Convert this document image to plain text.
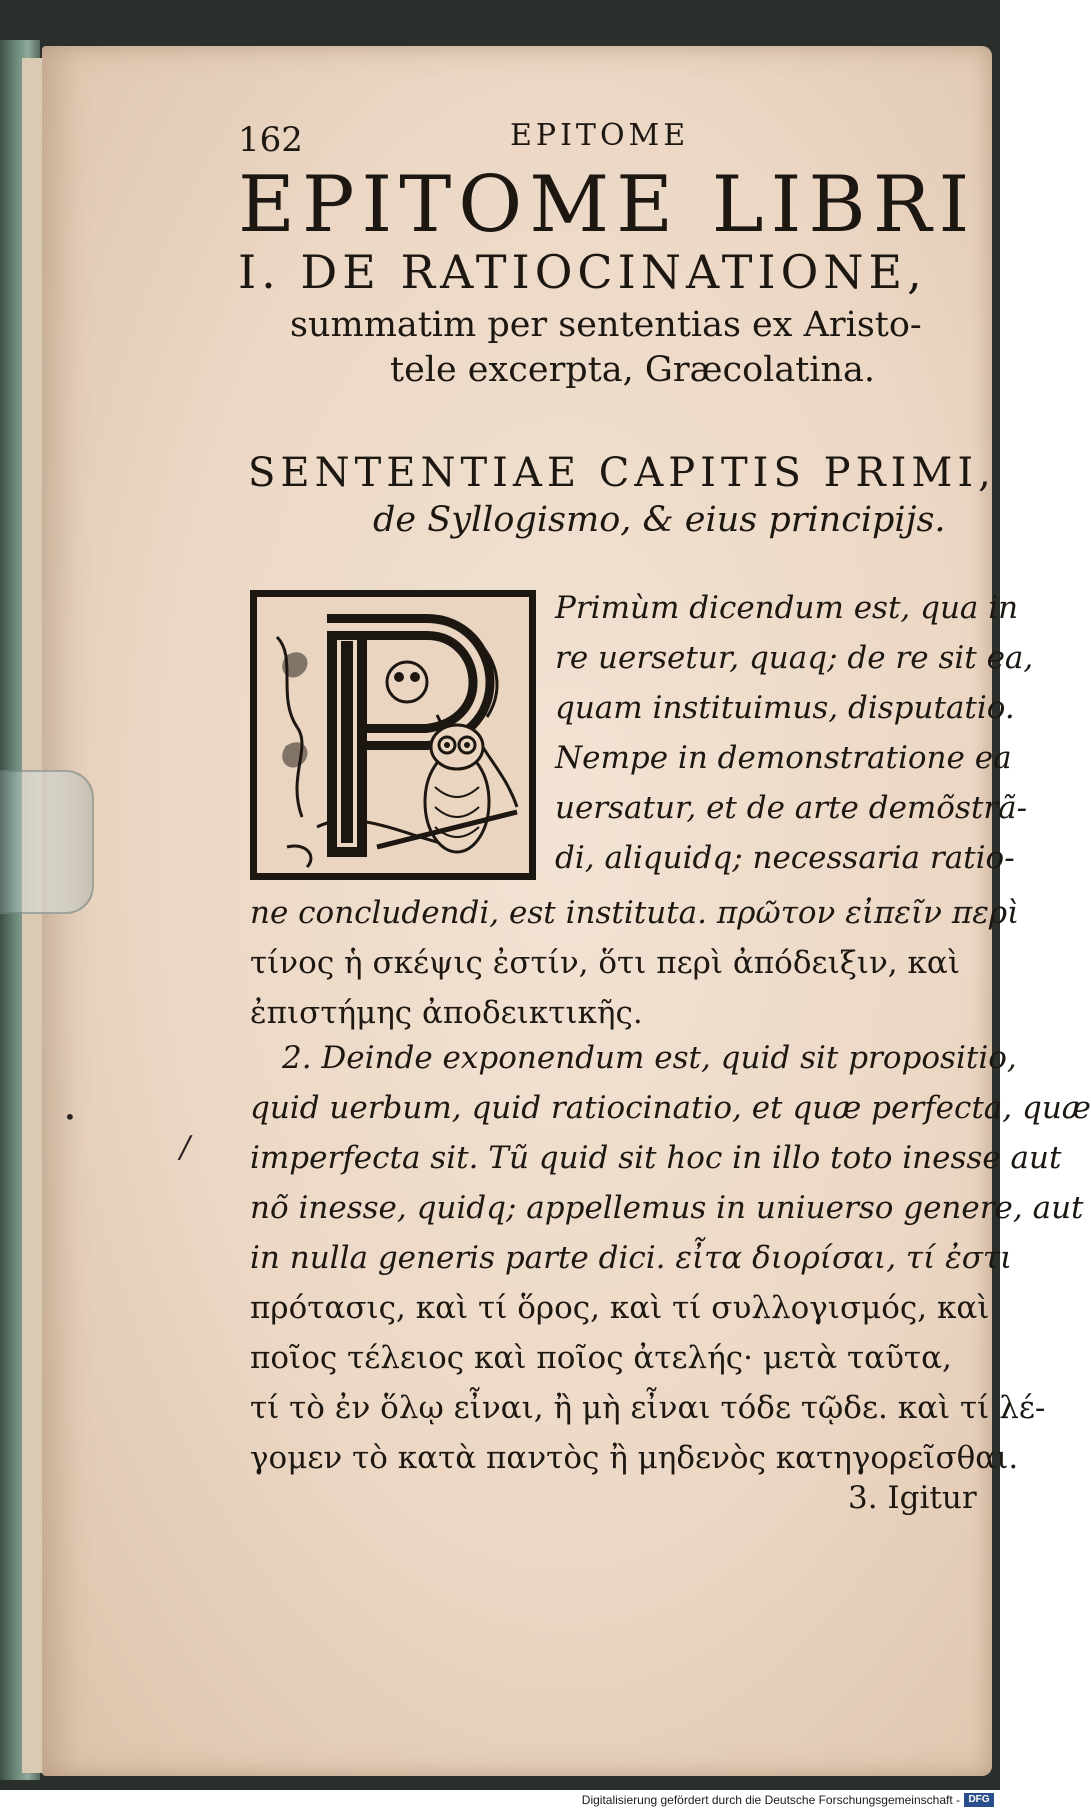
162	EPITOME
EPITOME LIBRI
I. DE RATIOCINATIONE,
summatim per sententias ex Aristo-
tele excerpta, Græcolatina.
SENTENTIAE CAPITIS PRIMI,
de Syllogismo, & eius principijs.
Primùm dicendum est, qua in
re uersetur, quaq; de re sit ea,
quam instituimus, disputatio.
Nempe in demonstratione ea
uersatur, et de arte demõstrã-
di, aliquidq; necessaria ratio-
ne concludendi, est instituta. πρῶτον εἰπεῖν περὶ
τίνος ἡ σκέψις ἐστίν, ὅτι περὶ ἀπόδειξιν, καὶ
ἐπιστήμης ἀποδεικτικῆς.
2. Deinde exponendum est, quid sit propositio,
quid uerbum, quid ratiocinatio, et quæ perfecta, quæ
imperfecta sit. Tũ quid sit hoc in illo toto inesse aut
nõ inesse, quidq; appellemus in uniuerso genere, aut
in nulla generis parte dici. εἶτα διορίσαι, τί ἐστι
πρότασις, καὶ τί ὅρος, καὶ τί συλλογισμός, καὶ
ποῖος τέλειος καὶ ποῖος ἀτελής· μετὰ ταῦτα,
τί τὸ ἐν ὅλῳ εἶναι, ἢ μὴ εἶναι τόδε τῷδε. καὶ τί λέ-
γομεν τὸ κατὰ παντὸς ἢ μηδενὸς κατηγορεῖσθαι.
3. Igitur
•
/
Digitalisierung gefördert durch die Deutsche Forschungsgemeinschaft - DFG
